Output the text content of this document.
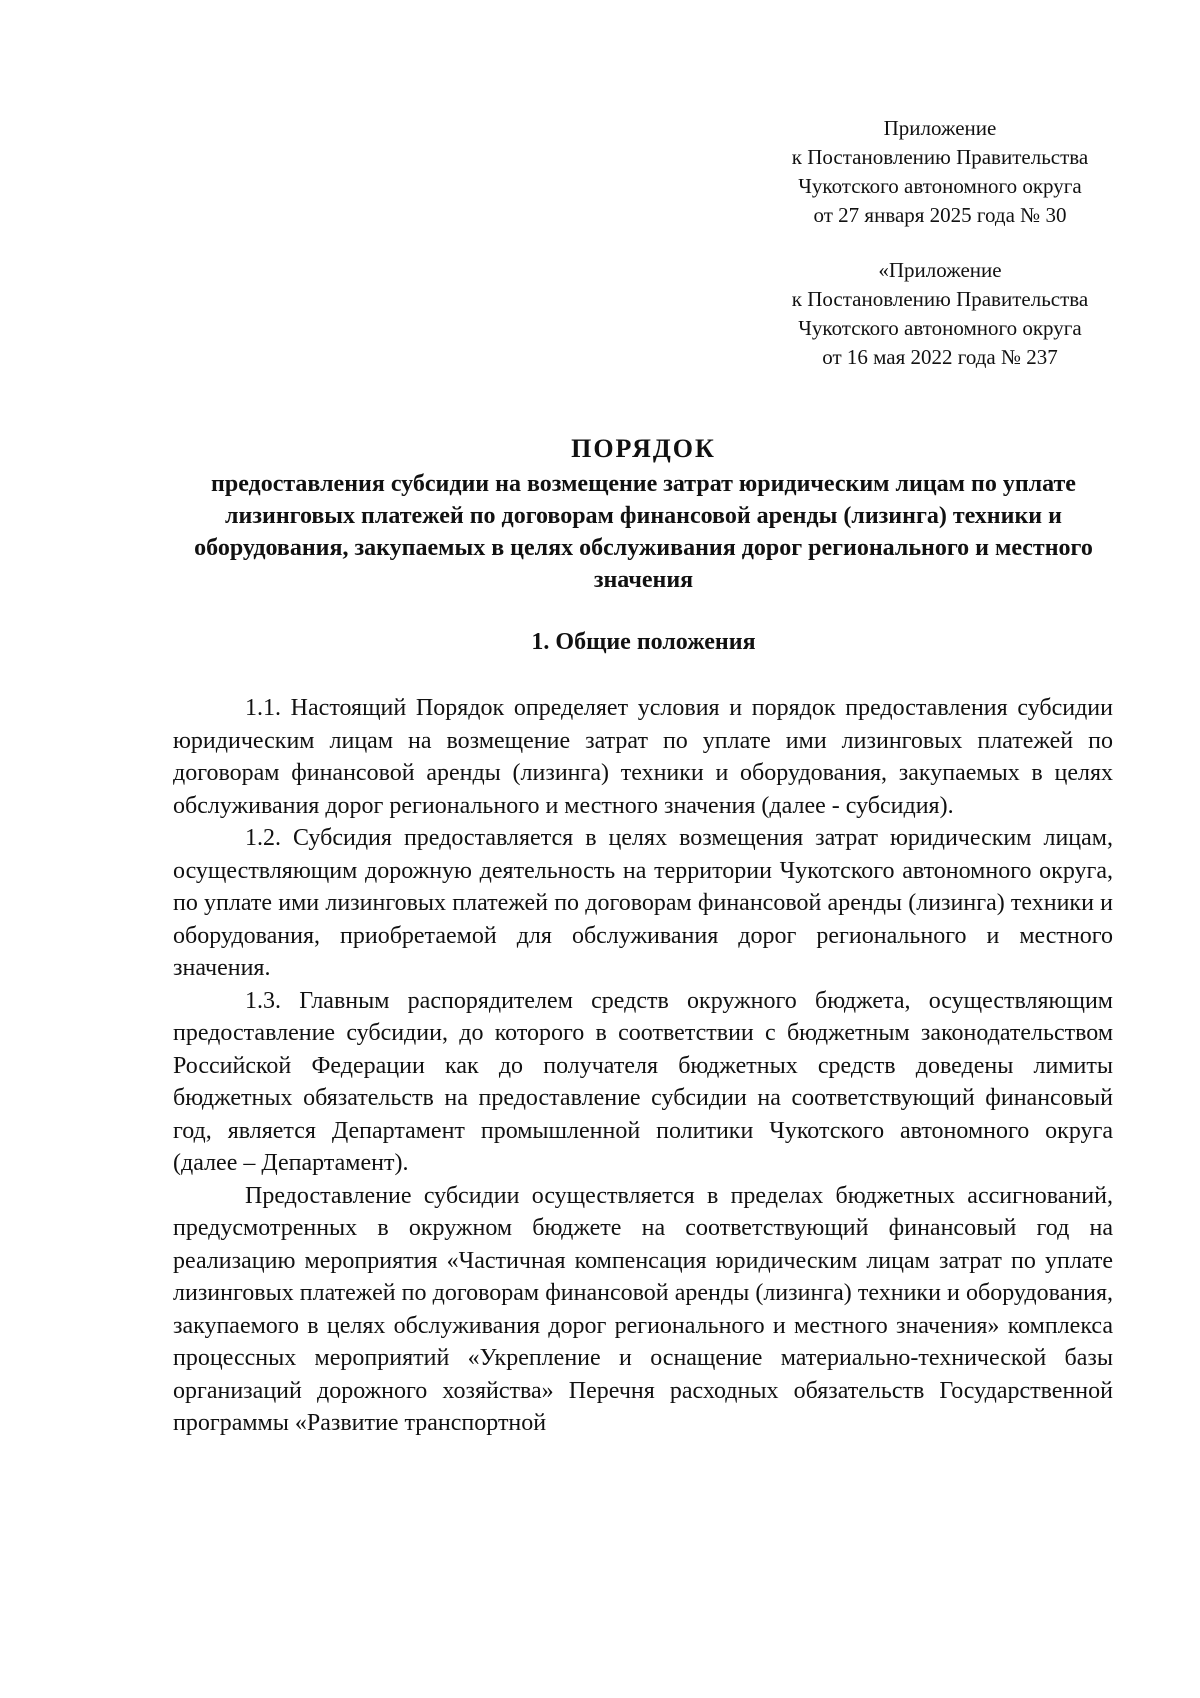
Приложение
к Постановлению Правительства
Чукотского автономного округа
от 27 января 2025 года № 30
«Приложение
к Постановлению Правительства
Чукотского автономного округа
от 16 мая 2022 года № 237
ПОРЯДОК
предоставления субсидии на возмещение затрат юридическим лицам по уплате лизинговых платежей по договорам финансовой аренды (лизинга) техники и оборудования, закупаемых в целях обслуживания дорог регионального и местного значения
1. Общие положения

1.1. Настоящий Порядок определяет условия и порядок предоставления субсидии юридическим лицам на возмещение затрат по уплате ими лизинговых платежей по договорам финансовой аренды (лизинга) техники и оборудования, закупаемых в целях обслуживания дорог регионального и местного значения (далее - субсидия).

1.2. Субсидия предоставляется в целях возмещения затрат юридическим лицам, осуществляющим дорожную деятельность на территории Чукотского автономного округа, по уплате ими лизинговых платежей по договорам финансовой аренды (лизинга) техники и оборудования, приобретаемой для обслуживания дорог регионального и местного значения.

1.3. Главным распорядителем средств окружного бюджета, осуществляющим предоставление субсидии, до которого в соответствии с бюджетным законодательством Российской Федерации как до получателя бюджетных средств доведены лимиты бюджетных обязательств на предоставление субсидии на соответствующий финансовый год, является Департамент промышленной политики Чукотского автономного округа (далее – Департамент).

Предоставление субсидии осуществляется в пределах бюджетных ассигнований, предусмотренных в окружном бюджете на соответствующий финансовый год на реализацию мероприятия «Частичная компенсация юридическим лицам затрат по уплате лизинговых платежей по договорам финансовой аренды (лизинга) техники и оборудования, закупаемого в целях обслуживания дорог регионального и местного значения» комплекса процессных мероприятий «Укрепление и оснащение материально-технической базы организаций дорожного хозяйства» Перечня расходных обязательств Государственной программы «Развитие транспортной
